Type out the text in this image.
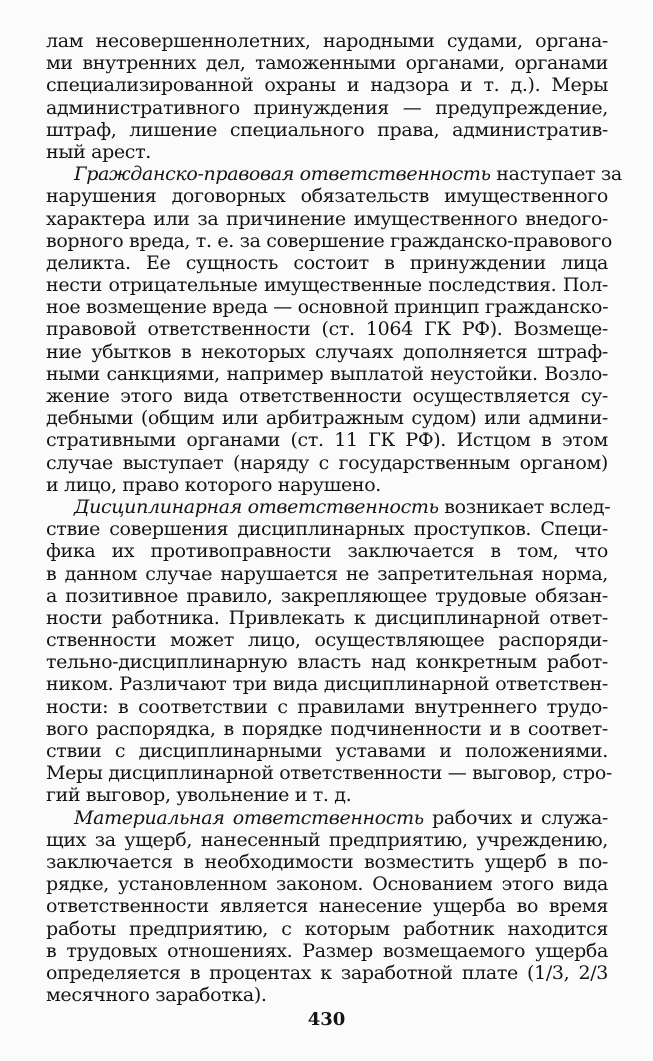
лам несовершеннолетних, народными судами, органа-
ми внутренних дел, таможенными органами, органами
специализированной охраны и надзора и т. д.). Меры
административного принуждения — предупреждение,
штраф, лишение специального права, административ-
ный арест.
Гражданско-правовая ответственность наступает за
нарушения договорных обязательств имущественного
характера или за причинение имущественного внедого-
ворного вреда, т. е. за совершение гражданско-правового
деликта. Ее сущность состоит в принуждении лица
нести отрицательные имущественные последствия. Пол-
ное возмещение вреда — основной принцип гражданско-
правовой ответственности (ст. 1064 ГК РФ). Возмеще-
ние убытков в некоторых случаях дополняется штраф-
ными санкциями, например выплатой неустойки. Возло-
жение этого вида ответственности осуществляется су-
дебными (общим или арбитражным судом) или админи-
стративными органами (ст. 11 ГК РФ). Истцом в этом
случае выступает (наряду с государственным органом)
и лицо, право которого нарушено.
Дисциплинарная ответственность возникает вслед-
ствие совершения дисциплинарных проступков. Специ-
фика их противоправности заключается в том, что
в данном случае нарушается не запретительная норма,
а позитивное правило, закрепляющее трудовые обязан-
ности работника. Привлекать к дисциплинарной ответ-
ственности может лицо, осуществляющее распоряди-
тельно-дисциплинарную власть над конкретным работ-
ником. Различают три вида дисциплинарной ответствен-
ности: в соответствии с правилами внутреннего трудо-
вого распорядка, в порядке подчиненности и в соответ-
ствии с дисциплинарными уставами и положениями.
Меры дисциплинарной ответственности — выговор, стро-
гий выговор, увольнение и т. д.
Материальная ответственность рабочих и служа-
щих за ущерб, нанесенный предприятию, учреждению,
заключается в необходимости возместить ущерб в по-
рядке, установленном законом. Основанием этого вида
ответственности является нанесение ущерба во время
работы предприятию, с которым работник находится
в трудовых отношениях. Размер возмещаемого ущерба
определяется в процентах к заработной плате (1/3, 2/3
месячного заработка).
430
